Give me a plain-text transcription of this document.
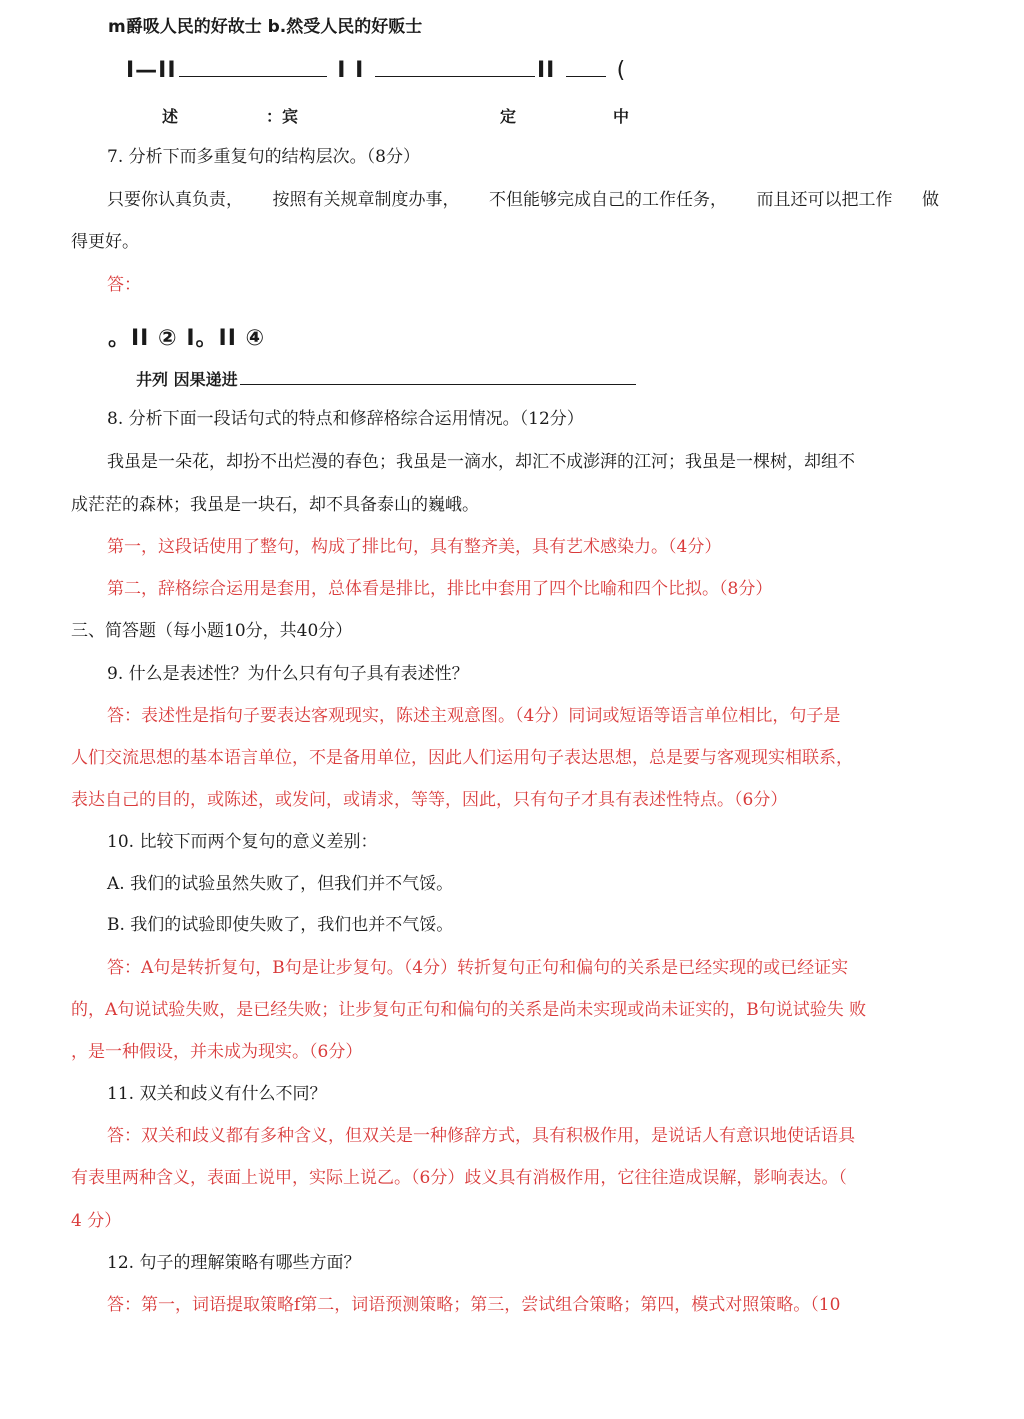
m爵吸人民的好故士 b.然受人民的好贩士
I—II	I I	II	(
述	：宾	定	中
7. 分析下而多重复句的结构层次。（8分）
只要你认真负责， 按照有关规章制度办事， 不但能够完成自己的工作任务， 而且还可以把工作 做
得更好。
答：
。II ② I。II ④
井列 因果递进
8. 分析下面一段话句式的特点和修辞格综合运用情况。（12分）
我虽是一朵花，却扮不出烂漫的春色；我虽是一滴水，却汇不成澎湃的江河；我虽是一棵树，却组不
成茫茫的森林；我虽是一块石，却不具备泰山的巍峨。
第一，这段话使用了整句，构成了排比句，具有整齐美，具有艺术感染力。（4分）
第二，辞格综合运用是套用，总体看是排比，排比中套用了四个比喻和四个比拟。（8分）
三、简答题（每小题10分，共40分）
9. 什么是表述性？为什么只有句子具有表述性？
答：表述性是指句子要表达客观现实，陈述主观意图。（4分）同词或短语等语言单位相比，句子是
人们交流思想的基本语言单位，不是备用单位，因此人们运用句子表达思想，总是要与客观现实相联系，
表达自己的目的，或陈述，或发问，或请求，等等，因此，只有句子才具有表述性特点。（6分）
10. 比较下而两个复句的意义差别：
A. 我们的试验虽然失败了，但我们并不气馁。
B. 我们的试验即使失败了，我们也并不气馁。
答：A句是转折复句，B句是让步复句。（4分）转折复句正句和偏句的关系是已经实现的或已经证实
的，A句说试验失败，是已经失败；让步复句正句和偏句的关系是尚未实现或尚未证实的，B句说试验失 败
，是一种假设，并未成为现实。（6分）
11. 双关和歧义有什么不同？
答：双关和歧义都有多种含义，但双关是一种修辞方式，具有积极作用，是说话人有意识地使话语具
有表里两种含义，表面上说甲，实际上说乙。（6分）歧义具有消极作用，它往往造成误解，影响表达。（
4 分）
12. 句子的理解策略有哪些方面？
答：第一，词语提取策略f第二，词语预测策略；第三，尝试组合策略；第四，模式对照策略。（10
